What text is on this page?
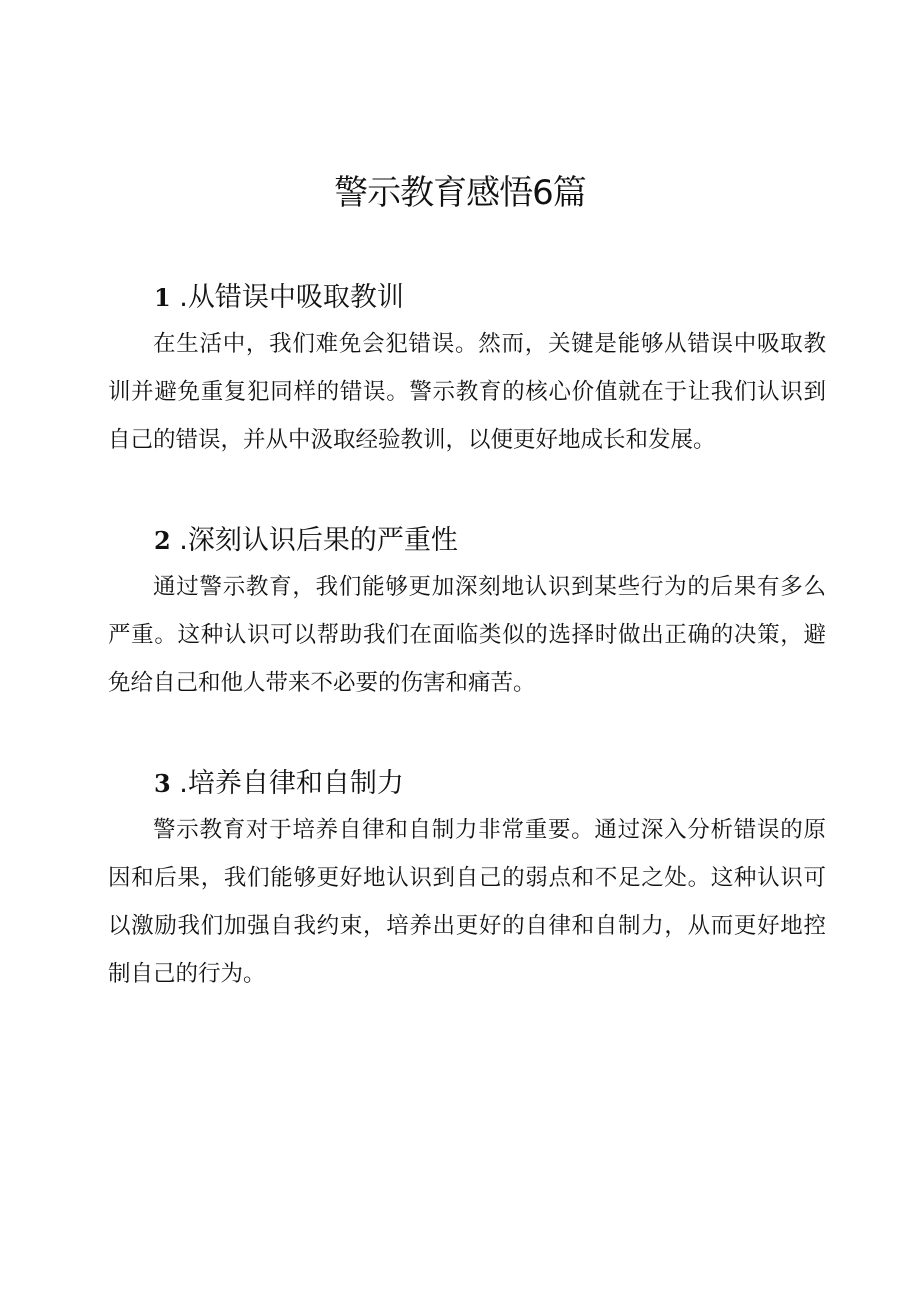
警示教育感悟6篇
1 .从错误中吸取教训

在生活中，我们难免会犯错误。然而，关键是能够从错误中吸取教训并避免重复犯同样的错误。警示教育的核心价值就在于让我们认识到自己的错误，并从中汲取经验教训，以便更好地成长和发展。

2 .深刻认识后果的严重性

通过警示教育，我们能够更加深刻地认识到某些行为的后果有多么严重。这种认识可以帮助我们在面临类似的选择时做出正确的决策，避免给自己和他人带来不必要的伤害和痛苦。

3 .培养自律和自制力

警示教育对于培养自律和自制力非常重要。通过深入分析错误的原因和后果，我们能够更好地认识到自己的弱点和不足之处。这种认识可以激励我们加强自我约束，培养出更好的自律和自制力，从而更好地控制自己的行为。
